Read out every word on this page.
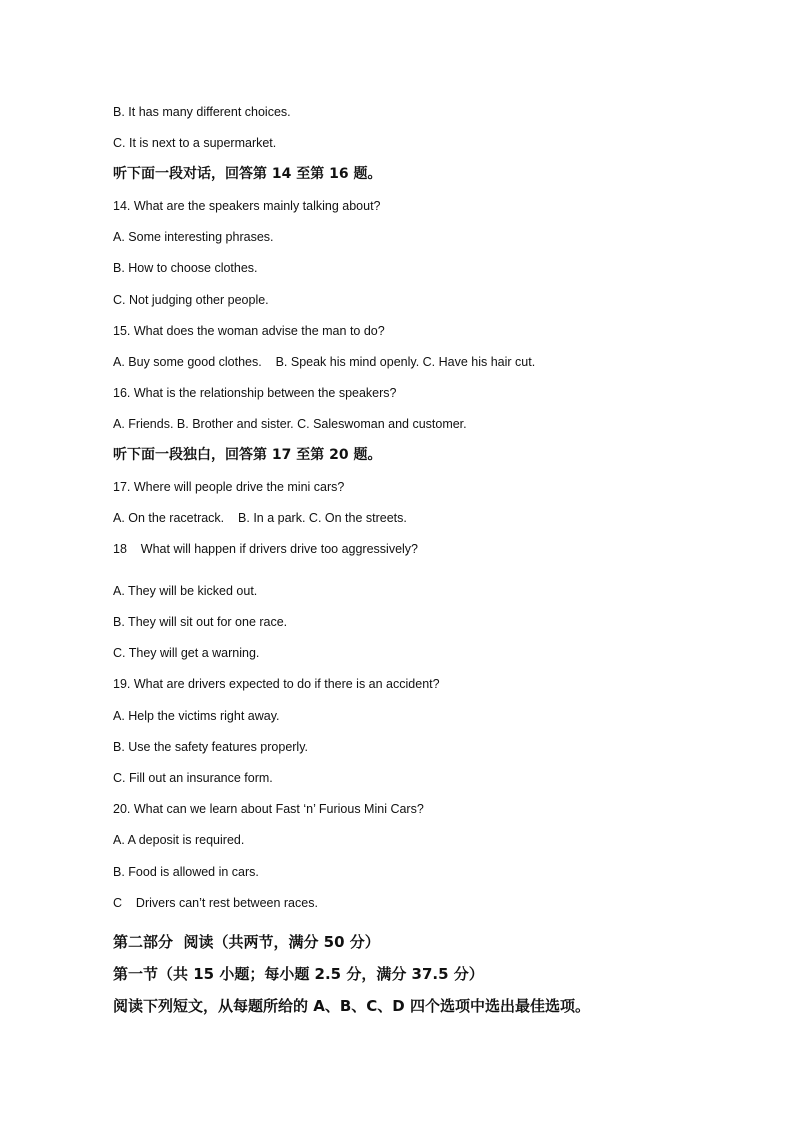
B. It has many different choices.
C. It is next to a supermarket.
听下面一段对话，回答第 14 至第 16 题。
14. What are the speakers mainly talking about?
A. Some interesting phrases.
B. How to choose clothes.
C. Not judging other people.
15. What does the woman advise the man to do?
A. Buy some good clothes.    B. Speak his mind openly. C. Have his hair cut.
16. What is the relationship between the speakers?
A. Friends. B. Brother and sister. C. Saleswoman and customer.
听下面一段独白，回答第 17 至第 20 题。
17. Where will people drive the mini cars?
A. On the racetrack.    B. In a park. C. On the streets.
18    What will happen if drivers drive too aggressively?
A. They will be kicked out.
B. They will sit out for one race.
C. They will get a warning.
19. What are drivers expected to do if there is an accident?
A. Help the victims right away.
B. Use the safety features properly.
C. Fill out an insurance form.
20. What can we learn about Fast ‘n’ Furious Mini Cars?
A. A deposit is required.
B. Food is allowed in cars.
C    Drivers can’t rest between races.
第二部分  阅读（共两节，满分 50 分）
第一节（共 15 小题；每小题 2.5 分，满分 37.5 分）
阅读下列短文，从每题所给的 A、B、C、D 四个选项中选出最佳选项。
